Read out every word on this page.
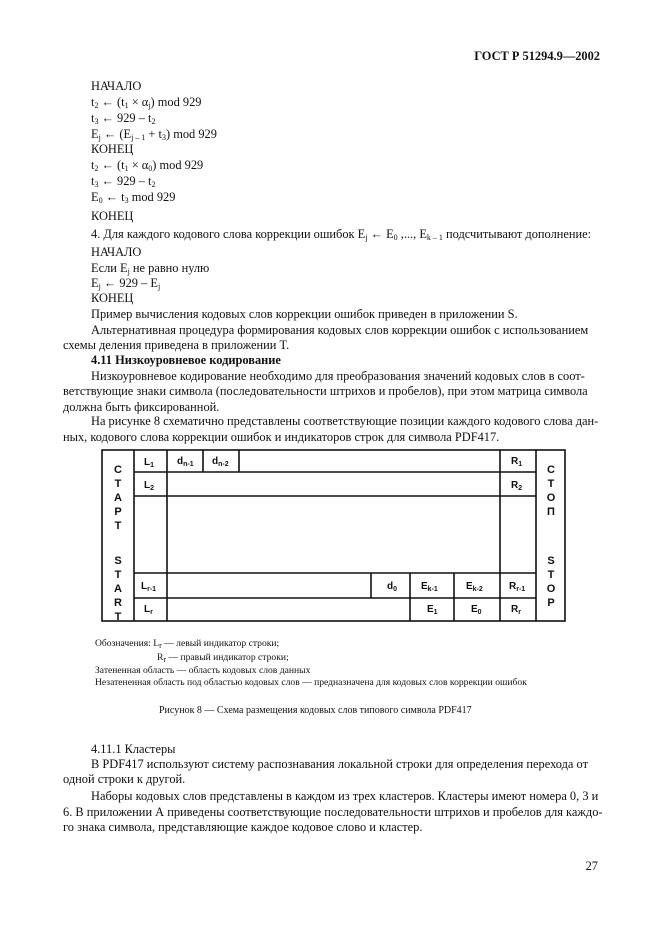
ГОСТ Р 51294.9—2002
НАЧАЛО
$t_2$ ← $(t_1 \times \alpha_j)$ mod 929
$t_3$ ← $929 - t_2$
$E_j$ ← $(E_{j - 1} + t_3)$ mod 929
КОНЕЦ
$t_2$ ← $(t_1 \times \alpha_0)$ mod 929
$t_3$ ← $929 - t_2$
$E_0$ ← $t_3$ mod 929
КОНЕЦ
4. Для каждого кодового слова коррекции ошибок $E_j$ ← $E_0$ ,..., $E_{k - 1}$ подсчитывают дополнение:
НАЧАЛО
Если $E_j$ не равно нулю
$E_j$ ← $929 - E_j$
КОНЕЦ
Пример вычисления кодовых слов коррекции ошибок приведен в приложении S.
Альтернативная процедура формирования кодовых слов коррекции ошибок с использованием
схемы деления приведена в приложении T.
4.11 Низкоуровневое кодирование
Низкоуровневое кодирование необходимо для преобразования значений кодовых слов в соот-
ветствующие знаки символа (последовательности штрихов и пробелов), при этом матрица символа
должна быть фиксированной.
На рисунке 8 схематично представлены соответствующие позиции каждого кодового слова дан-
ных, кодового слова коррекции ошибок и индикаторов строк для символа PDF417.
С
Т
А
Р
Т
S
T
A
R
T
С
Т
О
П
S
T
O
P
$L_1$
$L_2$
$L_{r-1}$
$L_r$
$d_{n-1}$ $d_{n-2}$
$d_0$
$R_1$
$R_2$
$R_{r-1}$
$R_r$
$E_{k-1}$	$E_{k-2}$
$E_1$	$E_0$
Обозначения: $L_r$ — левый индикатор строки;
$R_r$ — правый индикатор строки;
Затененная область — область кодовых слов данных
Незатененная область под областью кодовых слов — предназначена для кодовых слов коррекции ошибок
Рисунок 8 — Схема размещения кодовых слов типового символа PDF417
4.11.1 Кластеры
В PDF417 используют систему распознавания локальной строки для определения перехода от
одной строки к другой.
Наборы кодовых слов представлены в каждом из трех кластеров. Кластеры имеют номера 0, 3 и
6. В приложении А приведены соответствующие последовательности штрихов и пробелов для каждо-
го знака символа, представляющие каждое кодовое слово и кластер.
27
